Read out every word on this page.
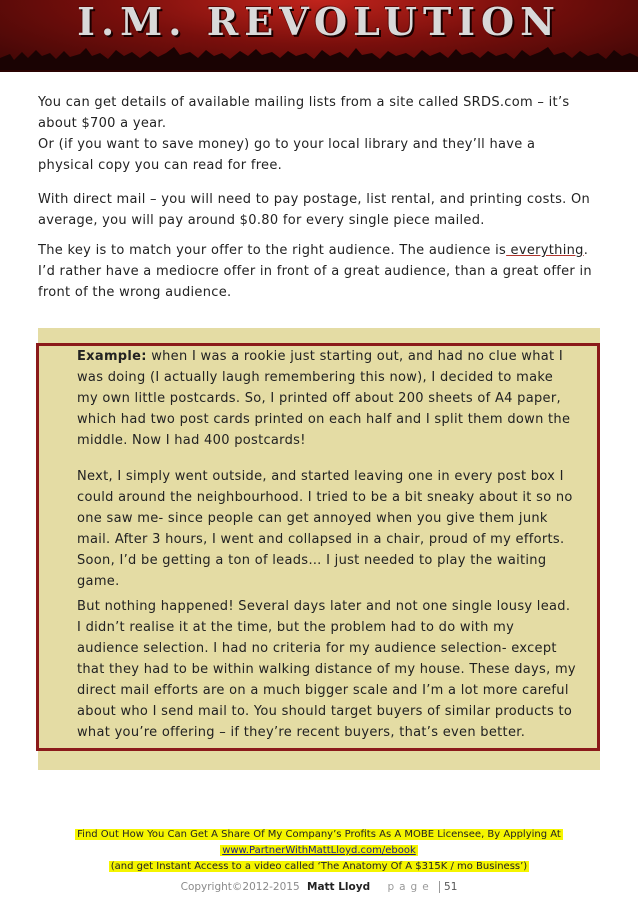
I.M. REVOLUTION

You can get details of available mailing lists from a site called SRDS.com – it’s about $700 a year.

Or (if you want to save money) go to your local library and they’ll have a physical copy you can read for free.

With direct mail – you will need to pay postage, list rental, and printing costs. On average, you will pay around $0.80 for every single piece mailed.

The key is to match your offer to the right audience. The audience is everything. I’d rather have a mediocre offer in front of a great audience, than a great offer in front of the wrong audience.

Example: when I was a rookie just starting out, and had no clue what I was doing (I actually laugh remembering this now), I decided to make my own little postcards. So, I printed off about 200 sheets of A4 paper, which had two post cards printed on each half and I split them down the middle. Now I had 400 postcards!

Next, I simply went outside, and started leaving one in every post box I could around the neighbourhood. I tried to be a bit sneaky about it so no one saw me- since people can get annoyed when you give them junk mail. After 3 hours, I went and collapsed in a chair, proud of my efforts. Soon, I’d be getting a ton of leads… I just needed to play the waiting game.

But nothing happened! Several days later and not one single lousy lead. I didn’t realise it at the time, but the problem had to do with my audience selection. I had no criteria for my audience selection- except that they had to be within walking distance of my house. These days, my direct mail efforts are on a much bigger scale and I’m a lot more careful about who I send mail to. You should target buyers of similar products to what you’re offering – if they’re recent buyers, that’s even better.

Find Out How You Can Get A Share Of My Company’s Profits As A MOBE Licensee, By Applying At
www.PartnerWithMattLloyd.com/ebook
(and get Instant Access to a video called ‘The Anatomy Of A $315K / mo Business’)
Copyright©2012-2015 Matt Lloyd page 51
